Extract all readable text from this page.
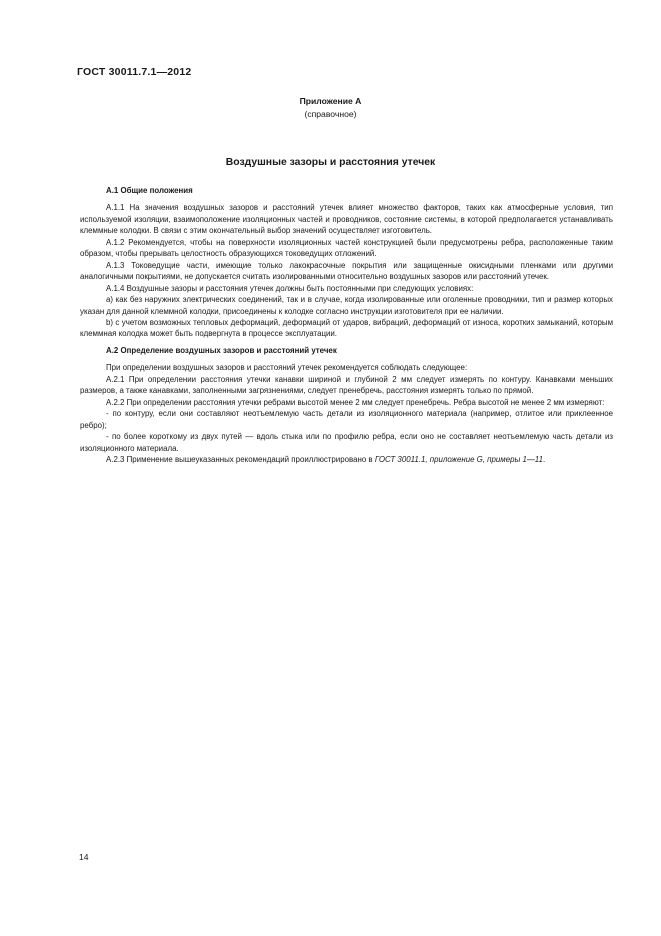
ГОСТ 30011.7.1—2012
Приложение А
(справочное)
Воздушные зазоры и расстояния утечек

А.1 Общие положения

А.1.1 На значения воздушных зазоров и расстояний утечек влияет множество факторов, таких как атмосферные условия, тип используемой изоляции, взаимоположение изоляционных частей и проводников, состояние системы, в которой предполагается устанавливать клеммные колодки. В связи с этим окончательный выбор значений осуществляет изготовитель.

А.1.2 Рекомендуется, чтобы на поверхности изоляционных частей конструкцией были предусмотрены ребра, расположенные таким образом, чтобы прерывать целостность образующихся токоведущих отложений.

А.1.3 Токоведущие части, имеющие только лакокрасочные покрытия или защищенные окисидными пленками или другими аналогичными покрытиями, не допускается считать изолированными относительно воздушных зазоров или расстояний утечек.

А.1.4 Воздушные зазоры и расстояния утечек должны быть постоянными при следующих условиях:

а) как без наружних электрических соединений, так и в случае, когда изолированные или оголенные проводники, тип и размер которых указан для данной клеммной колодки, присоединены к колодке согласно инструкции изготовителя при ее наличии.

b) с учетом возможных тепловых деформаций, деформаций от ударов, вибраций, деформаций от износа, коротких замыканий, которым клеммная колодка может быть подвергнута в процессе эксплуатации.

А.2 Определение воздушных зазоров и расстояний утечек

При определении воздушных зазоров и расстояний утечек рекомендуется соблюдать следующее:

А.2.1 При определении расстояния утечки канавки шириной и глубиной 2 мм следует измерять по контуру. Канавками меньших размеров, а также канавками, заполненными загрязнениями, следует пренебречь, расстояния измерять только по прямой.

А.2.2 При определении расстояния утечки ребрами высотой менее 2 мм следует пренебречь. Ребра высотой не менее 2 мм измеряют:

- по контуру, если они составляют неотъемлемую часть детали из изоляционного материала (например, отлитое или приклеенное ребро);

- по более короткому из двух путей — вдоль стыка или по профилю ребра, если оно не составляет неотъемлемую часть детали из изоляционного материала.

А.2.3 Применение вышеуказанных рекомендаций проиллюстрировано в ГОСТ 30011.1, приложение G, примеры 1—11.

14
